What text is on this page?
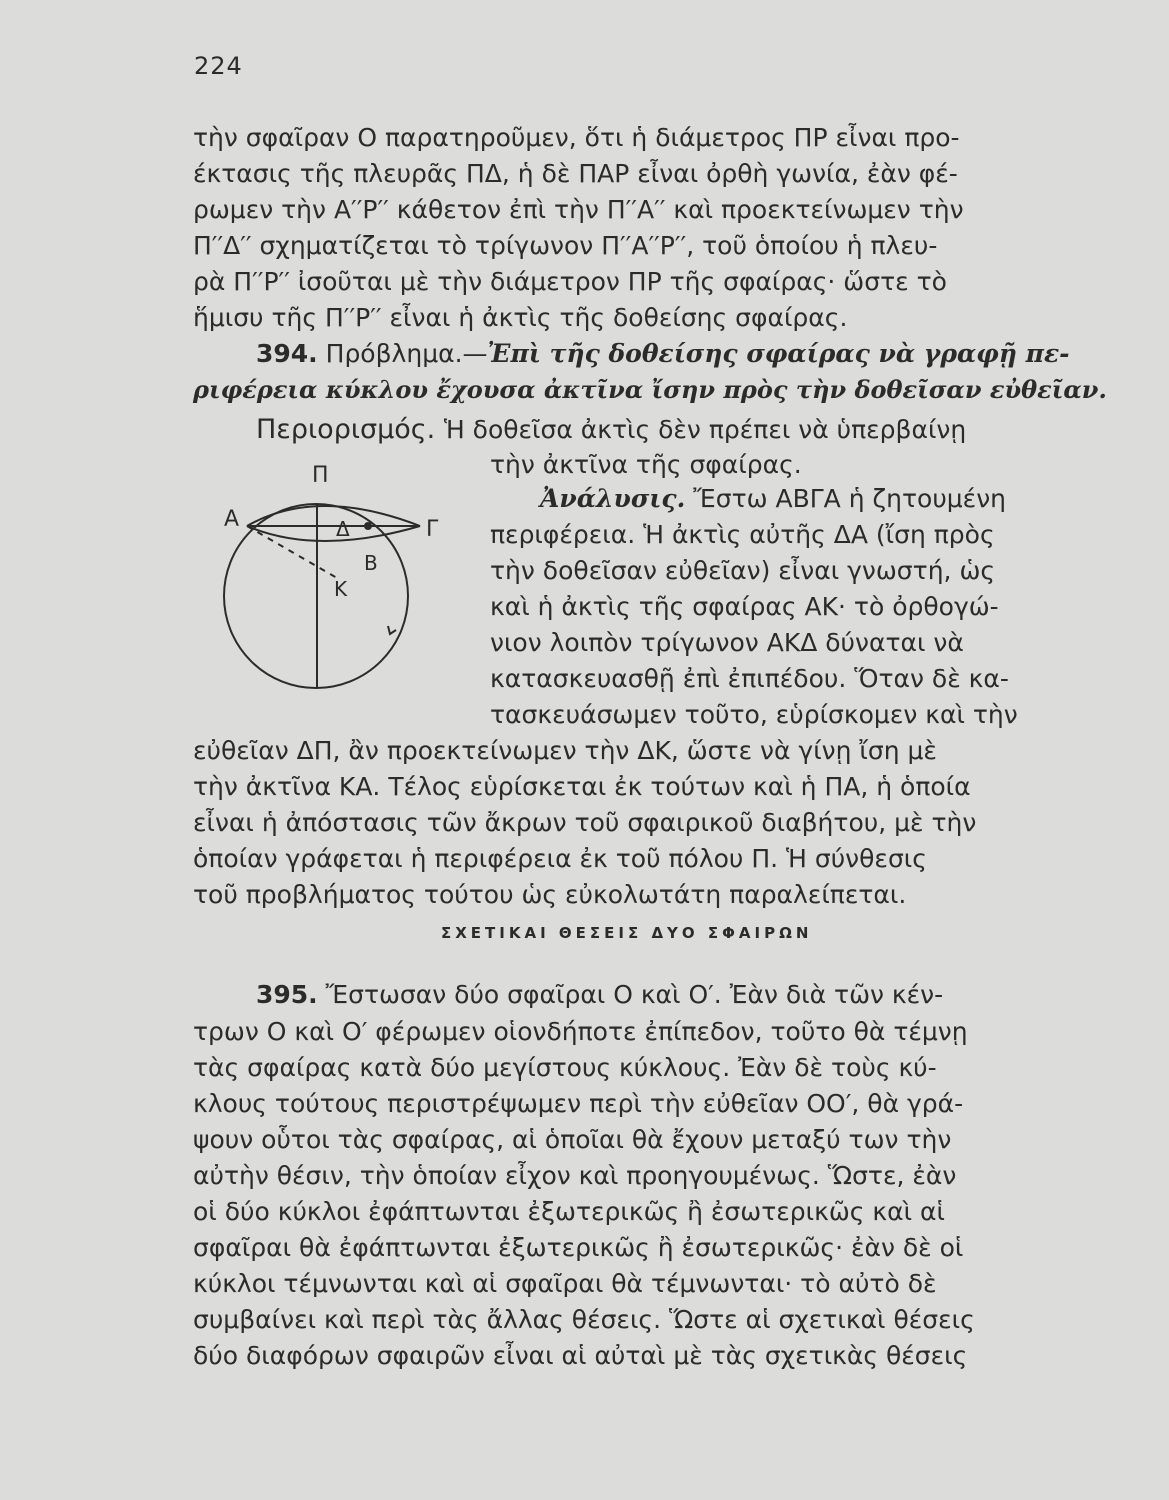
224
τὴν σφαῖραν Ο παρατηροῦμεν, ὅτι ἡ διάμετρος ΠΡ εἶναι προ-
έκτασις τῆς πλευρᾶς ΠΔ, ἡ δὲ ΠΑΡ εἶναι ὀρθὴ γωνία, ἐὰν φέ-
ρωμεν τὴν Α′′Ρ′′ κάθετον ἐπὶ τὴν Π′′Α′′ καὶ προεκτείνωμεν τὴν
Π′′Δ′′ σχηματίζεται τὸ τρίγωνον Π′′Α′′Ρ′′, τοῦ ὁποίου ἡ πλευ-
ρὰ Π′′Ρ′′ ἰσοῦται μὲ τὴν διάμετρον ΠΡ τῆς σφαίρας· ὥστε τὸ
ἥμισυ τῆς Π′′Ρ′′ εἶναι ἡ ἀκτὶς τῆς δοθείσης σφαίρας.
394. Πρόβλημα.—Ἐπὶ τῆς δοθείσης σφαίρας νὰ γραφῇ πε-
ριφέρεια κύκλου ἔχουσα ἀκτῖνα ἴσην πρὸς τὴν δοθεῖσαν εὐθεῖαν.
Περιορισμός. Ἡ δοθεῖσα ἀκτὶς δὲν πρέπει νὰ ὑπερβαίνῃ
τὴν ἀκτῖνα τῆς σφαίρας.
Π
Α	Γ
Δ
Β
Κ
Ἀνάλυσις. Ἔστω ΑΒΓΑ ἡ ζητουμένη
περιφέρεια. Ἡ ἀκτὶς αὐτῆς ΔΑ (ἴση πρὸς
τὴν δοθεῖσαν εὐθεῖαν) εἶναι γνωστή, ὡς
καὶ ἡ ἀκτὶς τῆς σφαίρας ΑΚ· τὸ ὀρθογώ-
νιον λοιπὸν τρίγωνον ΑΚΔ δύναται νὰ
κατασκευασθῇ ἐπὶ ἐπιπέδου. Ὅταν δὲ κα-
τασκευάσωμεν τοῦτο, εὑρίσκομεν καὶ τὴν
εὐθεῖαν ΔΠ, ἂν προεκτείνωμεν τὴν ΔΚ, ὥστε νὰ γίνῃ ἴση μὲ
τὴν ἀκτῖνα ΚΑ. Τέλος εὑρίσκεται ἐκ τούτων καὶ ἡ ΠΑ, ἡ ὁποία
εἶναι ἡ ἀπόστασις τῶν ἄκρων τοῦ σφαιρικοῦ διαβήτου, μὲ τὴν
ὁποίαν γράφεται ἡ περιφέρεια ἐκ τοῦ πόλου Π. Ἡ σύνθεσις
τοῦ προβλήματος τούτου ὡς εὐκολωτάτη παραλείπεται.
ΣΧΕΤΙΚΑΙ ΘΕΣΕΙΣ ΔΥΟ ΣΦΑΙΡΩΝ
395. Ἔστωσαν δύο σφαῖραι Ο καὶ Ο′. Ἐὰν διὰ τῶν κέν-
τρων Ο καὶ Ο′ φέρωμεν οἱονδήποτε ἐπίπεδον, τοῦτο θὰ τέμνῃ
τὰς σφαίρας κατὰ δύο μεγίστους κύκλους. Ἐὰν δὲ τοὺς κύ-
κλους τούτους περιστρέψωμεν περὶ τὴν εὐθεῖαν ΟΟ′, θὰ γρά-
ψουν οὗτοι τὰς σφαίρας, αἱ ὁποῖαι θὰ ἔχουν μεταξύ των τὴν
αὐτὴν θέσιν, τὴν ὁποίαν εἶχον καὶ προηγουμένως. Ὥστε, ἐὰν
οἱ δύο κύκλοι ἐφάπτωνται ἐξωτερικῶς ἢ ἐσωτερικῶς καὶ αἱ
σφαῖραι θὰ ἐφάπτωνται ἐξωτερικῶς ἢ ἐσωτερικῶς· ἐὰν δὲ οἱ
κύκλοι τέμνωνται καὶ αἱ σφαῖραι θὰ τέμνωνται· τὸ αὐτὸ δὲ
συμβαίνει καὶ περὶ τὰς ἄλλας θέσεις. Ὥστε αἱ σχετικαὶ θέσεις
δύο διαφόρων σφαιρῶν εἶναι αἱ αὐταὶ μὲ τὰς σχετικὰς θέσεις
